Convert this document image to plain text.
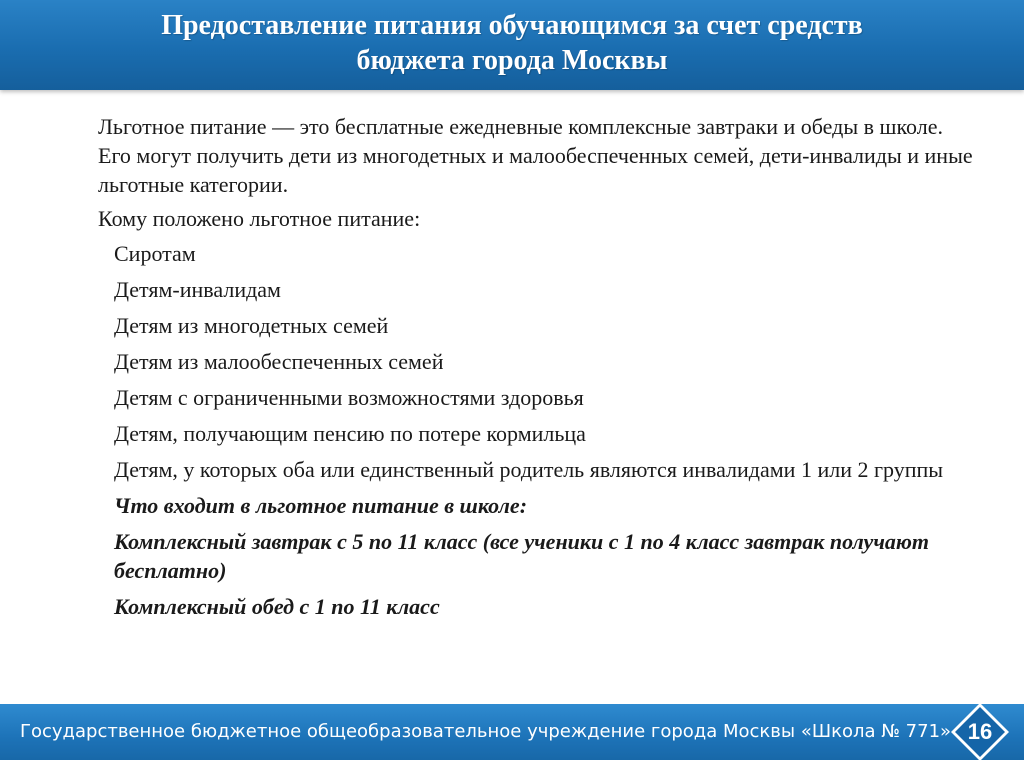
Предоставление питания обучающимся за счет средств
бюджета города Москвы

Льготное питание — это бесплатные ежедневные комплексные завтраки и обеды в школе. Его могут получить дети из многодетных и малообеспеченных семей, дети-инвалиды и иные льготные категории.

Кому положено льготное питание:

Сиротам

Детям-инвалидам

Детям из многодетных семей

Детям из малообеспеченных семей

Детям с ограниченными возможностями здоровья

Детям, получающим пенсию по потере кормильца

Детям, у которых оба или единственный родитель являются инвалидами 1 или 2 группы

Что входит в льготное питание в школе:

Комплексный завтрак с 5 по 11 класс (все ученики с 1 по 4 класс завтрак получают бесплатно)

Комплексный обед с 1 по 11 класс

Государственное бюджетное общеобразовательное учреждение города Москвы «Школа № 771» 16
